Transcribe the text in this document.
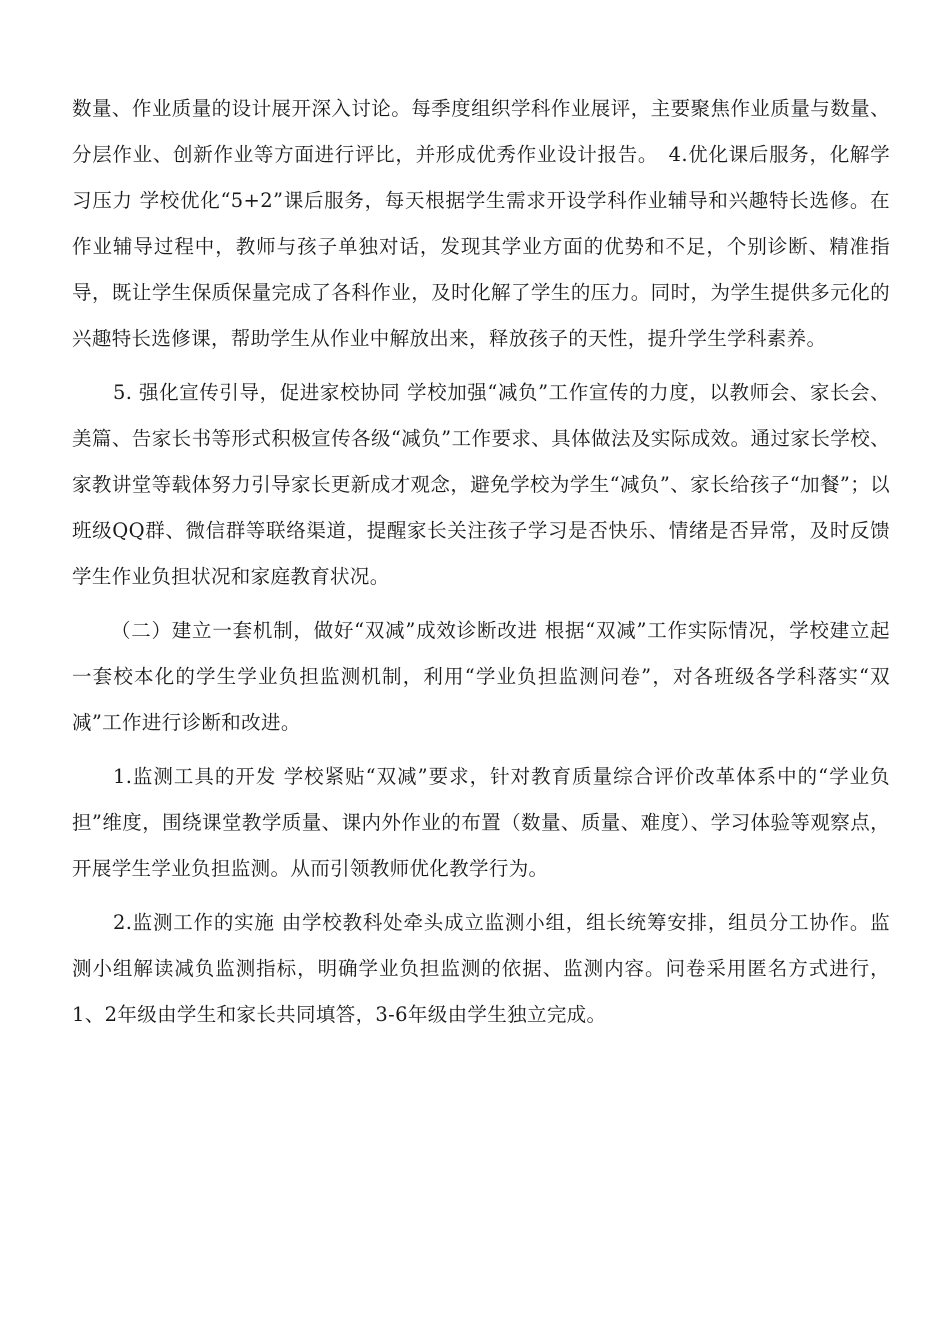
数量、作业质量的设计展开深入讨论。每季度组织学科作业展评，主要聚焦作业质量与数量、分层作业、创新作业等方面进行评比，并形成优秀作业设计报告。　4.优化课后服务，化解学习压力 学校优化“5+2”课后服务，每天根据学生需求开设学科作业辅导和兴趣特长选修。在作业辅导过程中，教师与孩子单独对话，发现其学业方面的优势和不足，个别诊断、精准指导，既让学生保质保量完成了各科作业，及时化解了学生的压力。同时，为学生提供多元化的兴趣特长选修课，帮助学生从作业中解放出来，释放孩子的天性，提升学生学科素养。

5. 强化宣传引导，促进家校协同 学校加强“减负”工作宣传的力度，以教师会、家长会、美篇、告家长书等形式积极宣传各级“减负”工作要求、具体做法及实际成效。通过家长学校、家教讲堂等载体努力引导家长更新成才观念，避免学校为学生“减负”、家长给孩子“加餐”；以班级QQ群、微信群等联络渠道，提醒家长关注孩子学习是否快乐、情绪是否异常，及时反馈学生作业负担状况和家庭教育状况。

（二）建立一套机制，做好“双减”成效诊断改进 根据“双减”工作实际情况，学校建立起一套校本化的学生学业负担监测机制，利用“学业负担监测问卷”，对各班级各学科落实“双减”工作进行诊断和改进。

1.监测工具的开发 学校紧贴“双减”要求，针对教育质量综合评价改革体系中的“学业负担”维度，围绕课堂教学质量、课内外作业的布置（数量、质量、难度）、学习体验等观察点，开展学生学业负担监测。从而引领教师优化教学行为。

2.监测工作的实施 由学校教科处牵头成立监测小组，组长统筹安排，组员分工协作。监测小组解读减负监测指标，明确学业负担监测的依据、监测内容。问卷采用匿名方式进行，1、2年级由学生和家长共同填答，3-6年级由学生独立完成。
